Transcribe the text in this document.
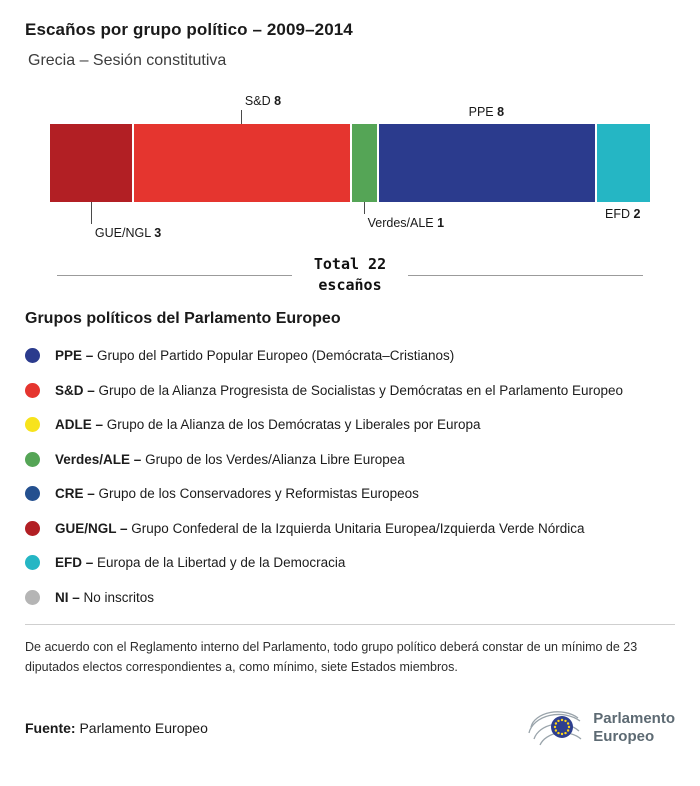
Escaños por grupo político – 2009–2014
Grecia – Sesión constitutiva
GUE/NGL 3
S&D 8
Verdes/ALE 1
PPE 8
EFD 2
Total 22
escaños
Grupos políticos del Parlamento Europeo
PPE – Grupo del Partido Popular Europeo (Demócrata–Cristianos)
S&D – Grupo de la Alianza Progresista de Socialistas y Demócratas en el Parlamento Europeo
ADLE – Grupo de la Alianza de los Demócratas y Liberales por Europa
Verdes/ALE – Grupo de los Verdes/Alianza Libre Europea
CRE – Grupo de los Conservadores y Reformistas Europeos
GUE/NGL – Grupo Confederal de la Izquierda Unitaria Europea/Izquierda Verde Nórdica
EFD – Europa de la Libertad y de la Democracia
NI – No inscritos

De acuerdo con el Reglamento interno del Parlamento, todo grupo político deberá constar de un mínimo de 23 diputados electos correspondientes a, como mínimo, siete Estados miembros.

Fuente: Parlamento Europeo

Parlamento
Europeo
